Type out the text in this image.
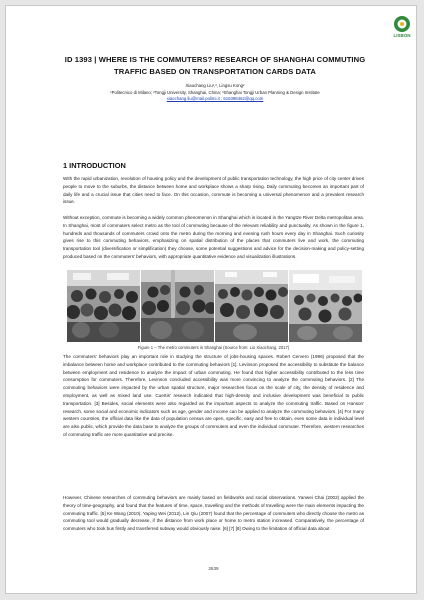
LISBON
ID 1393 | WHERE IS THE COMMUTERS? RESEARCH OF SHANGHAI COMMUTING TRAFFIC BASED ON TRANSPORTATION CARDS DATA
Xiaochang Liu¹,², Lingsu Kong²
¹Politecnico di Milano; ²Tongji University, Shanghai, China; ³Shanghai Tongji Urban Planning & Design Institute
xiaochang.liu@mail.polimi.it ; 616398462@qq.com
1 INTRODUCTION

With the rapid urbanization, revolution of housing policy and the development of public transportation technology, the high price of city center drives people to move to the suburbs, the distance between home and workplace shows a sharp rising. Daily commuting becomes an important part of daily life and a crucial issue that cities need to face. On this occasion, commute is becoming a universal phenomenon and a prevalent research issue.

Without exception, commute is becoming a widely common phenomenon in Shanghai which is located in the Yangtze River Delta metropolitan area. In Shanghai, most of commuters select metro as the tool of commuting because of the relevant reliability and punctuality. As shown in the figure 1, hundreds and thousands of commuters crowd onto the metro during the morning and evening rush hours every day in Shanghai. Such curiosity gives rise to this commuting behaviors, emphasizing on spatial distribution of the places that commuters live and work, the commuting transportation tool (diversification or simplification) they choose, some potential suggestions and advice for the decision-making and policy-setting produced based on the commuters' behaviors, with appropriate quantitative evidence and visualization illustrations.

Figure 1 – The metro commuters in Shanghai (Source from: Liu Xiaochang, 2017)

The commuters' behaviors play an important role in studying the structure of jobs-housing spaces. Robert Cervero (1996) proposed that the imbalance between home and workplace contributed to the commuting behaviors [1]. Levinson proposed the accessibility to substitute the balance between employment and residence to analyze the impact of urban commuting. He found that higher accessibility contributed to the less time consumption for commuters. Therefore, Levinson concluded accessibility was more convincing to analyze the commuting behaviors. [2] The commuting behaviors were impacted by the urban spatial structure, major researches focus on the scale of city, the density of residence and employment, as well as mixed land use. Cuertis' research indicated that high-density and inclusive development was beneficial to public transportation. [3] Besides, social elements were also regarded as the important aspects to analyze the commuting traffic. Based on Hanson' research, some social and economic indicators such as age, gender and income can be applied to analyze the commuting behaviors. [4] For many western countries, the official data like the data of population census are open, specific, easy and free to obtain, even some data in individual level are also public, which provide the data base to analyze the groups of commuters and even the individual commuter. Therefore, western researches of commuting traffic are more quantitative and precise.

However, Chinese researches of commuting behaviors are mainly based on fieldworks and social observations. Yanwei Chai (2002) applied the theory of time-geography, and found that the features of time, space, travelling and the methods of travelling were the main elements impacting the commuting traffic. [5] Ke Wang (2010), Yaping Wei (2012), Lin Qiu (2007) found that the percentage of commuters who directly choose the metro as commuting tool would gradually decrease, if the distance from work place or home to metro station increased. Comparatively, the percentage of commuters who took bus firstly and transferred subway would obviously raise. [6] [7] [8] Owing to the limitation of official data about

2639
